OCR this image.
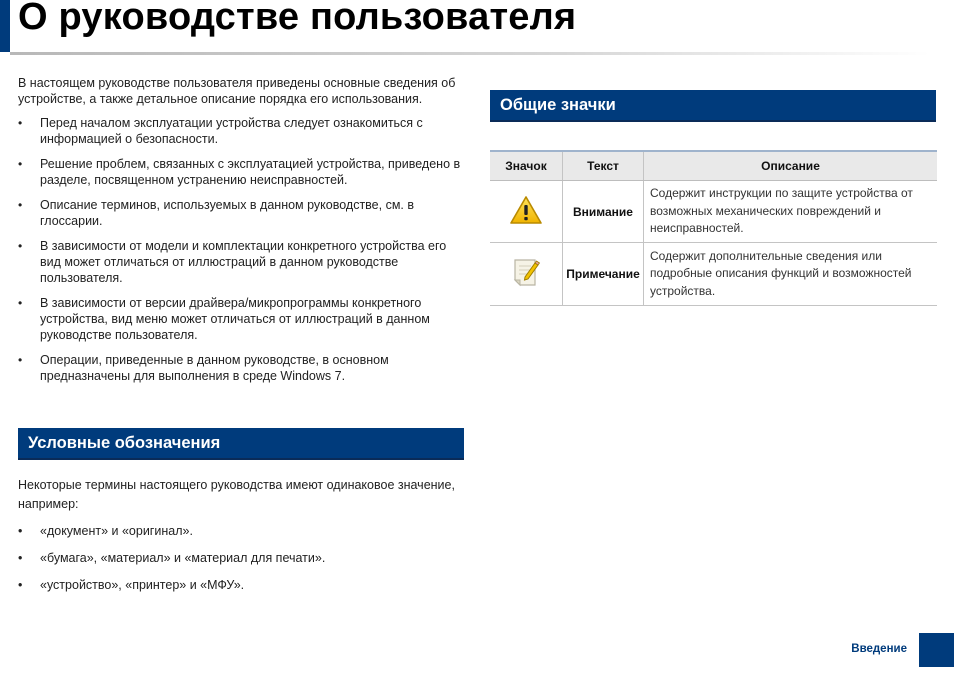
О руководстве пользователя

В настоящем руководстве пользователя приведены основные сведения об устройстве, а также детальное описание порядка его использования.

• Перед началом эксплуатации устройства следует ознакомиться с информацией о безопасности.
• Решение проблем, связанных с эксплуатацией устройства, приведено в разделе, посвященном устранению неисправностей.
• Описание терминов, используемых в данном руководстве, см. в глоссарии.
• В зависимости от модели и комплектации конкретного устройства его вид может отличаться от иллюстраций в данном руководстве пользователя.
• В зависимости от версии драйвера/микропрограммы конкретного устройства, вид меню может отличаться от иллюстраций в данном руководстве пользователя.
• Операции, приведенные в данном руководстве, в основном предназначены для выполнения в среде Windows 7.
Условные обозначения

Некоторые термины настоящего руководства имеют одинаковое значение, например:

• «документ» и «оригинал».
• «бумага», «материал» и «материал для печати».
• «устройство», «принтер» и «МФУ».
Общие значки
Значок	Текст	Описание
	Внимание	Содержит инструкции по защите устройства от возможных механических повреждений и неисправностей.
	Примечание	Содержит дополнительные сведения или подробные описания функций и возможностей устройства.
Введение
